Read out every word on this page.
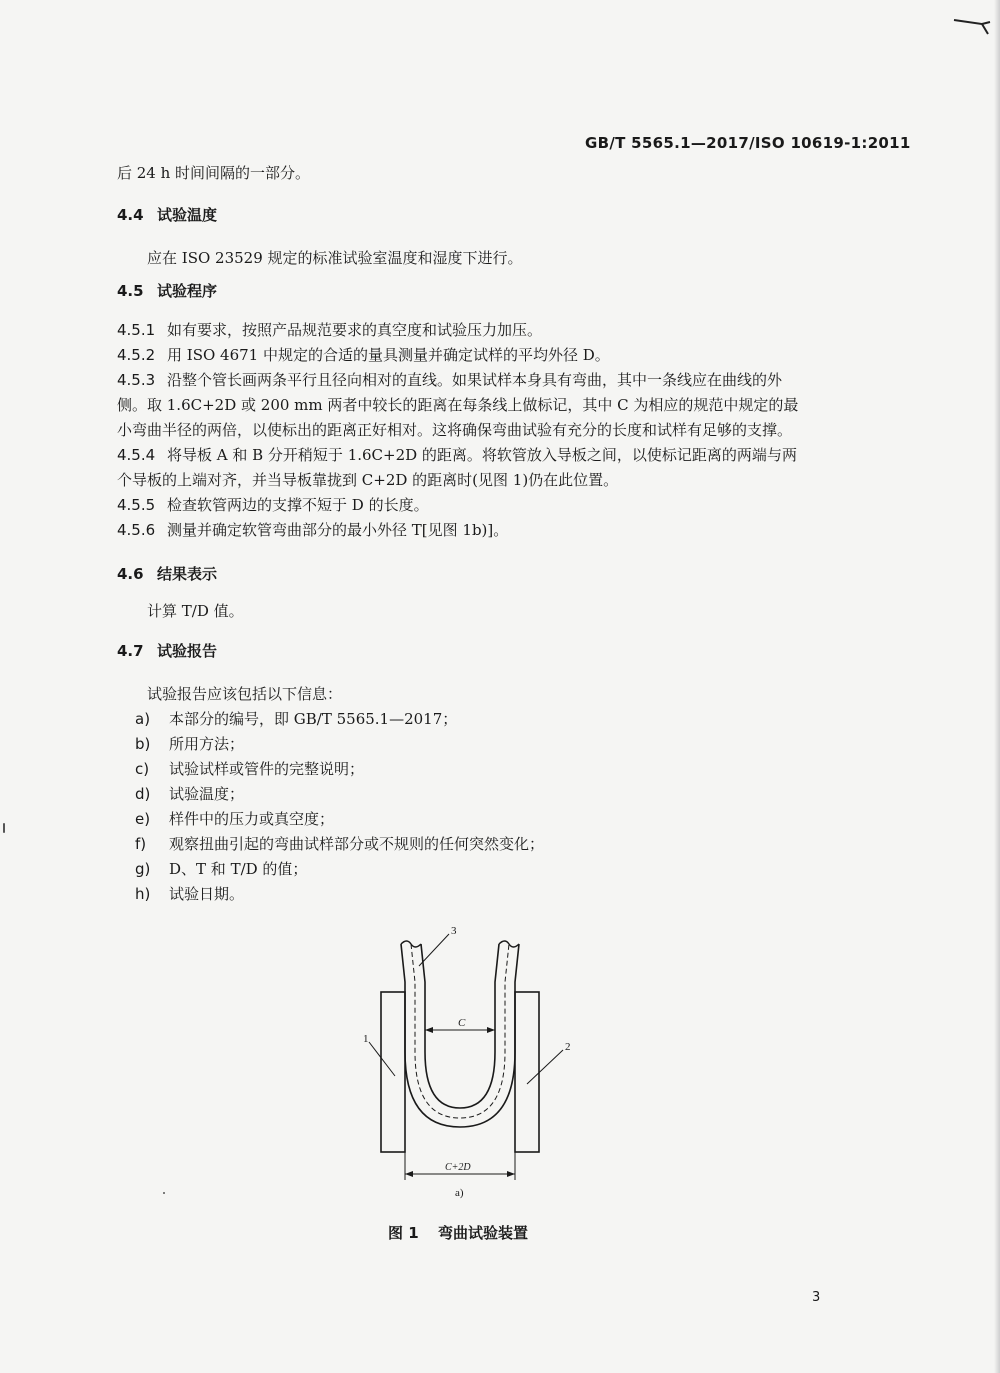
GB/T 5565.1—2017/ISO 10619-1:2011
后 24 h 时间间隔的一部分。
4.4 试验温度
应在 ISO 23529 规定的标准试验室温度和湿度下进行。
4.5 试验程序
4.5.1 如有要求，按照产品规范要求的真空度和试验压力加压。
4.5.2 用 ISO 4671 中规定的合适的量具测量并确定试样的平均外径 D。
4.5.3 沿整个管长画两条平行且径向相对的直线。如果试样本身具有弯曲，其中一条线应在曲线的外
侧。取 1.6C+2D 或 200 mm 两者中较长的距离在每条线上做标记，其中 C 为相应的规范中规定的最
小弯曲半径的两倍，以使标出的距离正好相对。这将确保弯曲试验有充分的长度和试样有足够的支撑。
4.5.4 将导板 A 和 B 分开稍短于 1.6C+2D 的距离。将软管放入导板之间，以使标记距离的两端与两
个导板的上端对齐，并当导板靠拢到 C+2D 的距离时(见图 1)仍在此位置。
4.5.5 检查软管两边的支撑不短于 D 的长度。
4.5.6 测量并确定软管弯曲部分的最小外径 T[见图 1b)]。
4.6 结果表示
计算 T/D 值。
4.7 试验报告
试验报告应该包括以下信息：
a) 本部分的编号，即 GB/T 5565.1—2017；
b) 所用方法；
c) 试验试样或管件的完整说明；
d) 试验温度；
e) 样件中的压力或真空度；
f) 观察扭曲引起的弯曲试样部分或不规则的任何突然变化；
g) D、T 和 T/D 的值；
h) 试验日期。
C
C+2D
1
2
3
a)
图 1 弯曲试验装置
3
